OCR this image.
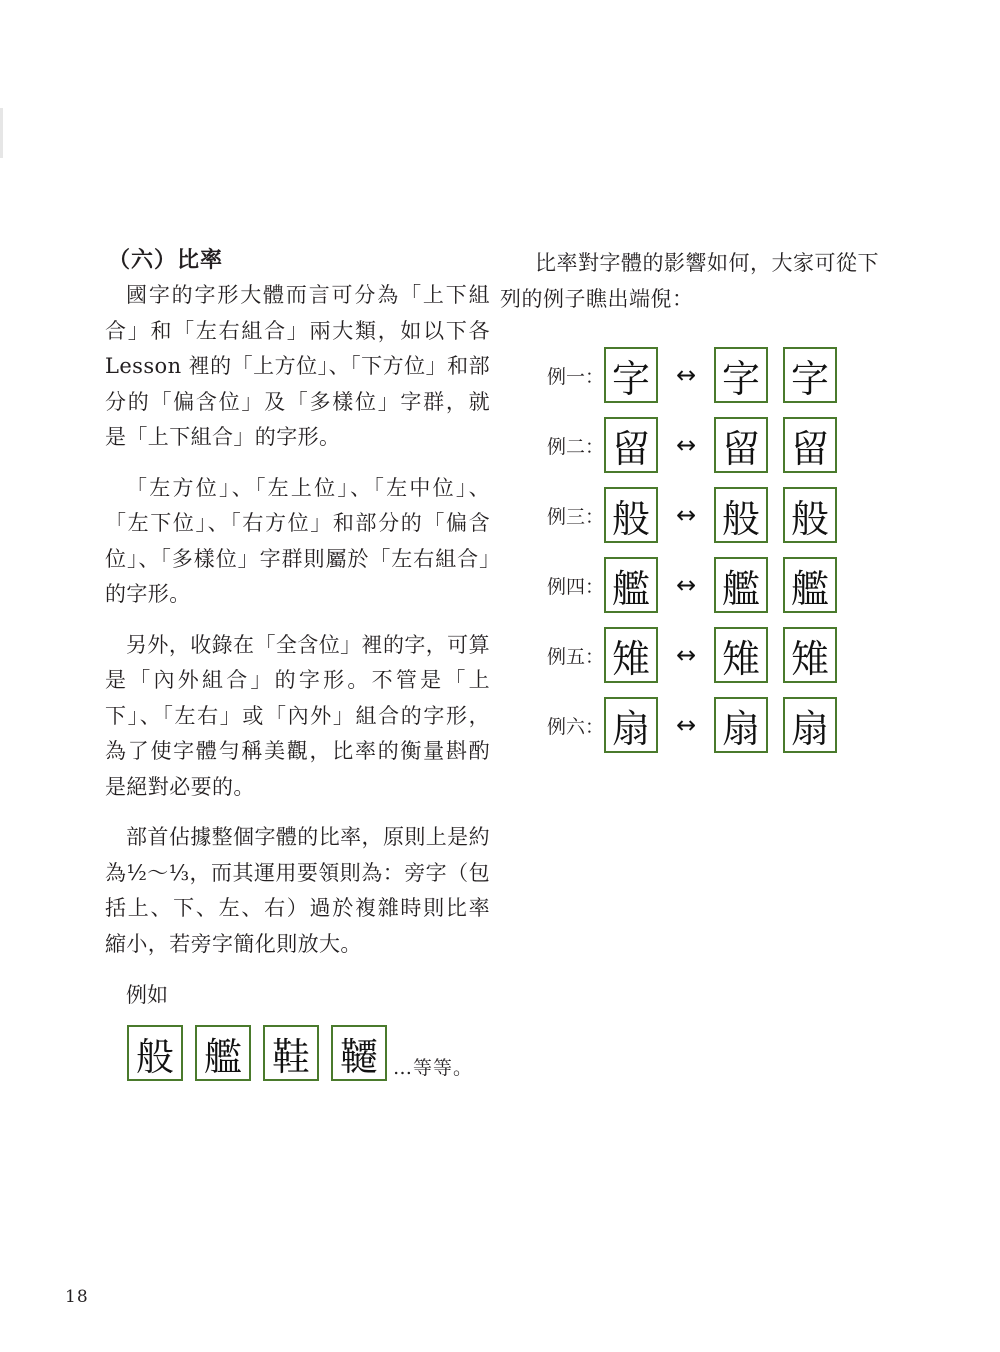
（六）比率

國字的字形大體而言可分為「上下組合」和「左右組合」兩大類，如以下各 Lesson 裡的「上方位」、「下方位」和部分的「偏含位」及「多樣位」字群，就是「上下組合」的字形。

「左方位」、「左上位」、「左中位」、「左下位」、「右方位」和部分的「偏含位」、「多樣位」字群則屬於「左右組合」的字形。

另外，收錄在「全含位」裡的字，可算是「內外組合」的字形。不管是「上下」、「左右」或「內外」組合的字形，為了使字體勻稱美觀，比率的衡量斟酌是絕對必要的。

部首佔據整個字體的比率，原則上是約為½～⅓，而其運用要領則為：旁字（包括上、下、左、右）過於複雜時則比率縮小，若旁字簡化則放大。

例如
般 艦 鞋 韆 …等等。

比率對字體的影響如何，大家可從下列的例子瞧出端倪：

例一： 字	↔ 字 字
例二： 留	↔ 留 留
例三： 般	↔ 般 般
例四： 艦	↔ 艦 艦
例五： 雉	↔ 雉 雉
例六： 扇	↔ 扇 扇
18
